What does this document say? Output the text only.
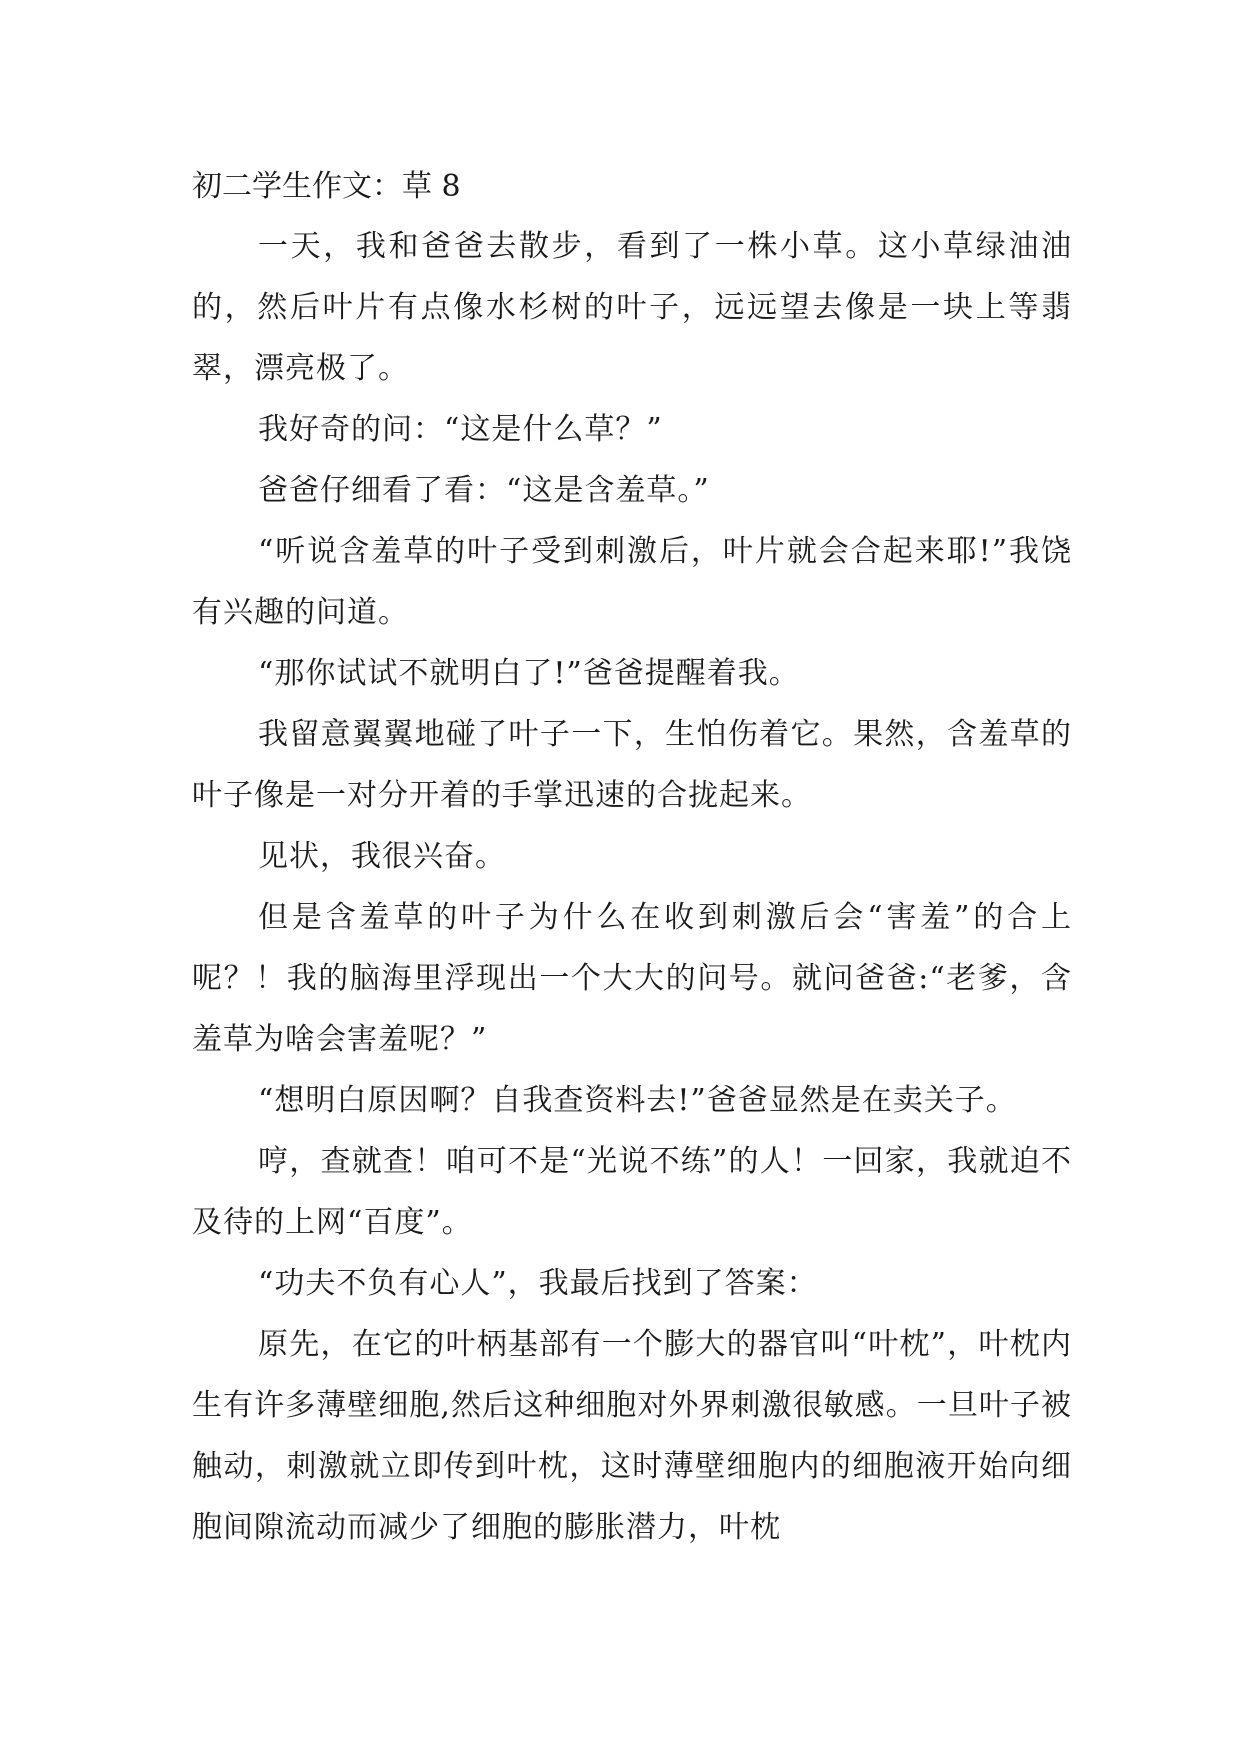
初二学生作文：草 8

一天，我和爸爸去散步，看到了一株小草。这小草绿油油的，然后叶片有点像水杉树的叶子，远远望去像是一块上等翡翠，漂亮极了。

我好奇的问：“这是什么草？”

爸爸仔细看了看：“这是含羞草。”

“听说含羞草的叶子受到刺激后，叶片就会合起来耶!”我饶有兴趣的问道。

“那你试试不就明白了!”爸爸提醒着我。

我留意翼翼地碰了叶子一下，生怕伤着它。果然，含羞草的叶子像是一对分开着的手掌迅速的合拢起来。

见状，我很兴奋。

但是含羞草的叶子为什么在收到刺激后会“害羞”的合上呢？！我的脑海里浮现出一个大大的问号。就问爸爸:“老爹，含羞草为啥会害羞呢？”

“想明白原因啊？自我查资料去!”爸爸显然是在卖关子。

哼，查就查！咱可不是“光说不练”的人！一回家，我就迫不及待的上网“百度”。

“功夫不负有心人”，我最后找到了答案：

原先，在它的叶柄基部有一个膨大的器官叫“叶枕”，叶枕内生有许多薄壁细胞,然后这种细胞对外界刺激很敏感。一旦叶子被触动，刺激就立即传到叶枕，这时薄壁细胞内的细胞液开始向细胞间隙流动而减少了细胞的膨胀潜力，叶枕
